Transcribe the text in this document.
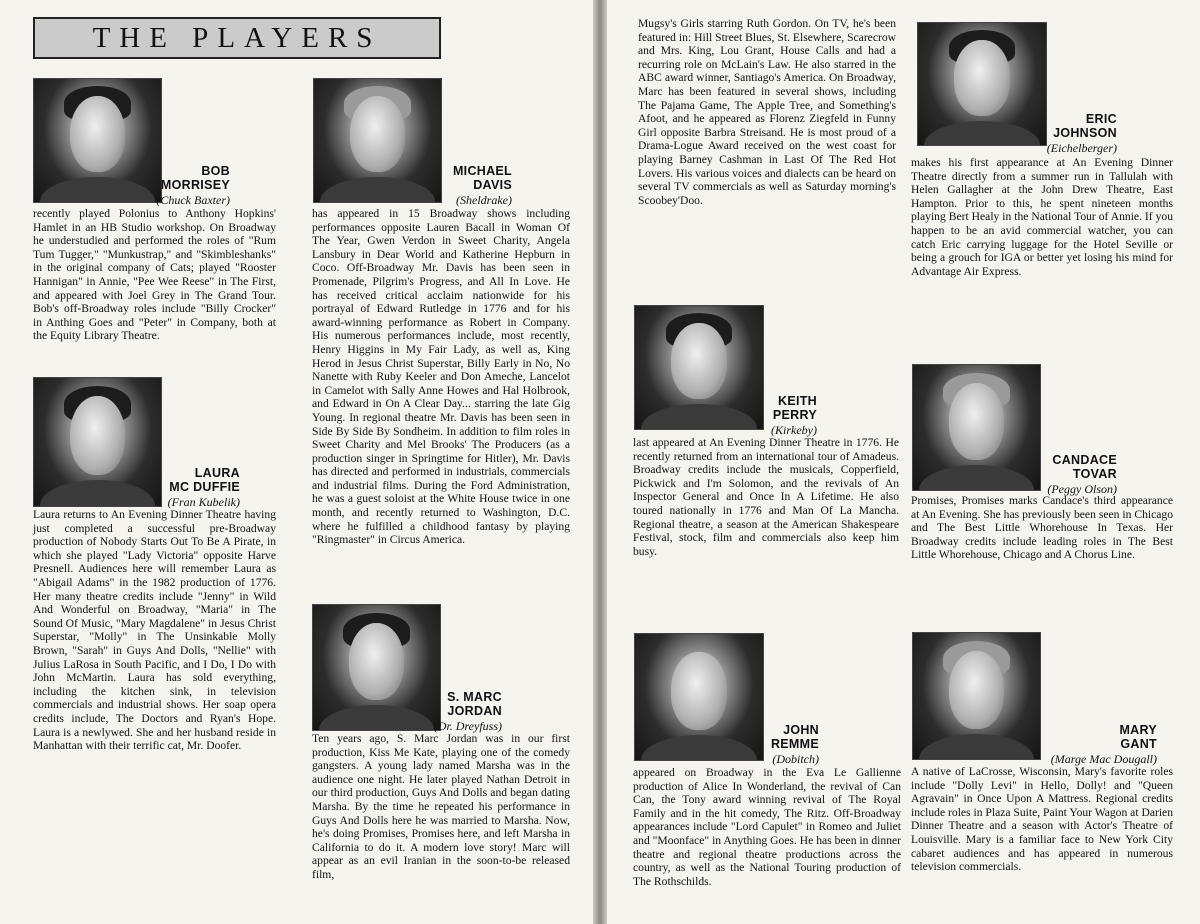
THE PLAYERS
BOB
MORRISEY
(Chuck Baxter)

recently played Polonius to Anthony Hopkins' Hamlet in an HB Studio workshop. On Broadway he understudied and performed the roles of "Rum Tum Tugger," "Munkustrap," and "Skimbleshanks" in the original company of Cats; played "Rooster Hannigan" in Annie, "Pee Wee Reese" in The First, and appeared with Joel Grey in The Grand Tour. Bob's off-Broadway roles include "Billy Crocker" in Anthing Goes and "Peter" in Company, both at the Equity Library Theatre.

MICHAEL
DAVIS
(Sheldrake)

has appeared in 15 Broadway shows including performances opposite Lauren Bacall in Woman Of The Year, Gwen Verdon in Sweet Charity, Angela Lansbury in Dear World and Katherine Hepburn in Coco. Off-Broadway Mr. Davis has been seen in Promenade, Pilgrim's Progress, and All In Love. He has received critical acclaim nationwide for his portrayal of Edward Rutledge in 1776 and for his award-winning performance as Robert in Company. His numerous performances include, most recently, Henry Higgins in My Fair Lady, as well as, King Herod in Jesus Christ Superstar, Billy Early in No, No Nanette with Ruby Keeler and Don Ameche, Lancelot in Camelot with Sally Anne Howes and Hal Holbrook, and Edward in On A Clear Day... starring the late Gig Young. In regional theatre Mr. Davis has been seen in Side By Side By Sondheim. In addition to film roles in Sweet Charity and Mel Brooks' The Producers (as a production singer in Springtime for Hitler), Mr. Davis has directed and performed in industrials, commercials and industrial films. During the Ford Administration, he was a guest soloist at the White House twice in one month, and recently returned to Washington, D.C. where he fulfilled a childhood fantasy by playing "Ringmaster" in Circus America.

LAURA
MC DUFFIE
(Fran Kubelik)

Laura returns to An Evening Dinner Theatre having just completed a successful pre-Broadway production of Nobody Starts Out To Be A Pirate, in which she played "Lady Victoria" opposite Harve Presnell. Audiences here will remember Laura as "Abigail Adams" in the 1982 production of 1776. Her many theatre credits include "Jenny" in Wild And Wonderful on Broadway, "Maria" in The Sound Of Music, "Mary Magdalene" in Jesus Christ Superstar, "Molly" in The Unsinkable Molly Brown, "Sarah" in Guys And Dolls, "Nellie" with Julius LaRosa in South Pacific, and I Do, I Do with John McMartin. Laura has sold everything, including the kitchen sink, in television commercials and industrial shows. Her soap opera credits include, The Doctors and Ryan's Hope. Laura is a newlywed. She and her husband reside in Manhattan with their terrific cat, Mr. Doofer.

S. MARC
JORDAN
(Dr. Dreyfuss)

Ten years ago, S. Marc Jordan was in our first production, Kiss Me Kate, playing one of the comedy gangsters. A young lady named Marsha was in the audience one night. He later played Nathan Detroit in our third production, Guys And Dolls and began dating Marsha. By the time he repeated his performance in Guys And Dolls here he was married to Marsha. Now, he's doing Promises, Promises here, and left Marsha in California to do it. A modern love story! Marc will appear as an evil Iranian in the soon-to-be released film,

Mugsy's Girls starring Ruth Gordon. On TV, he's been featured in: Hill Street Blues, St. Elsewhere, Scarecrow and Mrs. King, Lou Grant, House Calls and had a recurring role on McLain's Law. He also starred in the ABC award winner, Santiago's America. On Broadway, Marc has been featured in several shows, including The Pajama Game, The Apple Tree, and Something's Afoot, and he appeared as Florenz Ziegfeld in Funny Girl opposite Barbra Streisand. He is most proud of a Drama-Logue Award received on the west coast for playing Barney Cashman in Last Of The Red Hot Lovers. His various voices and dialects can be heard on several TV commercials as well as Saturday morning's Scoobey'Doo.

ERIC
JOHNSON
(Eichelberger)

makes his first appearance at An Evening Dinner Theatre directly from a summer run in Tallulah with Helen Gallagher at the John Drew Theatre, East Hampton. Prior to this, he spent nineteen months playing Bert Healy in the National Tour of Annie. If you happen to be an avid commercial watcher, you can catch Eric carrying luggage for the Hotel Seville or being a grouch for IGA or better yet losing his mind for Advantage Air Express.

KEITH
PERRY
(Kirkeby)

last appeared at An Evening Dinner Theatre in 1776. He recently returned from an international tour of Amadeus. Broadway credits include the musicals, Copperfield, Pickwick and I'm Solomon, and the revivals of An Inspector General and Once In A Lifetime. He also toured nationally in 1776 and Man Of La Mancha. Regional theatre, a season at the American Shakespeare Festival, stock, film and commercials also keep him busy.

CANDACE
TOVAR
(Peggy Olson)

Promises, Promises marks Candace's third appearance at An Evening. She has previously been seen in Chicago and The Best Little Whorehouse In Texas. Her Broadway credits include leading roles in The Best Little Whorehouse, Chicago and A Chorus Line.

JOHN
REMME
(Dobitch)

appeared on Broadway in the Eva Le Gallienne production of Alice In Wonderland, the revival of Can Can, the Tony award winning revival of The Royal Family and in the hit comedy, The Ritz. Off-Broadway appearances include "Lord Capulet" in Romeo and Juliet and "Moonface" in Anything Goes. He has been in dinner theatre and regional theatre productions across the country, as well as the National Touring production of The Rothschilds.

MARY
GANT
(Marge Mac Dougall)

A native of LaCrosse, Wisconsin, Mary's favorite roles include "Dolly Levi" in Hello, Dolly! and "Queen Agravain" in Once Upon A Mattress. Regional credits include roles in Plaza Suite, Paint Your Wagon at Darien Dinner Theatre and a season with Actor's Theatre of Louisville. Mary is a familiar face to New York City cabaret audiences and has appeared in numerous television commercials.
